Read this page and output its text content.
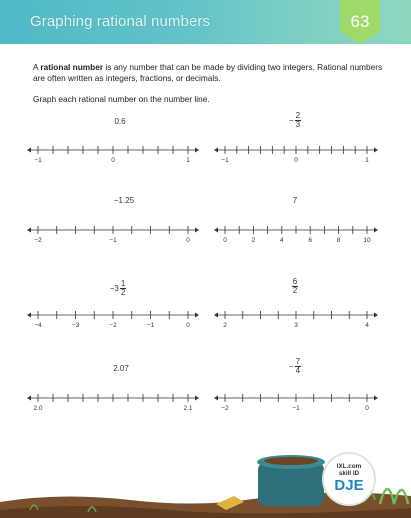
Graphing rational numbers	63
A rational number is any number that can be made by dividing two integers. Rational numbers are often written as integers, fractions, or decimals.
Graph each rational number on the number line.
0.6	− $\frac{2}{3}$
−1.25	7
$-3 \frac{1}{2}$	$\frac{6}{2}$
2.07	− $\frac{7}{4}$
−1	0	1	−1	0	1
−2	−1	0	0	2	4	6	8	10
−4	−3	−2	−1	0	2	3	4
2.0	2.1	−2	−1	0
IXL.com
skill ID
DJE
